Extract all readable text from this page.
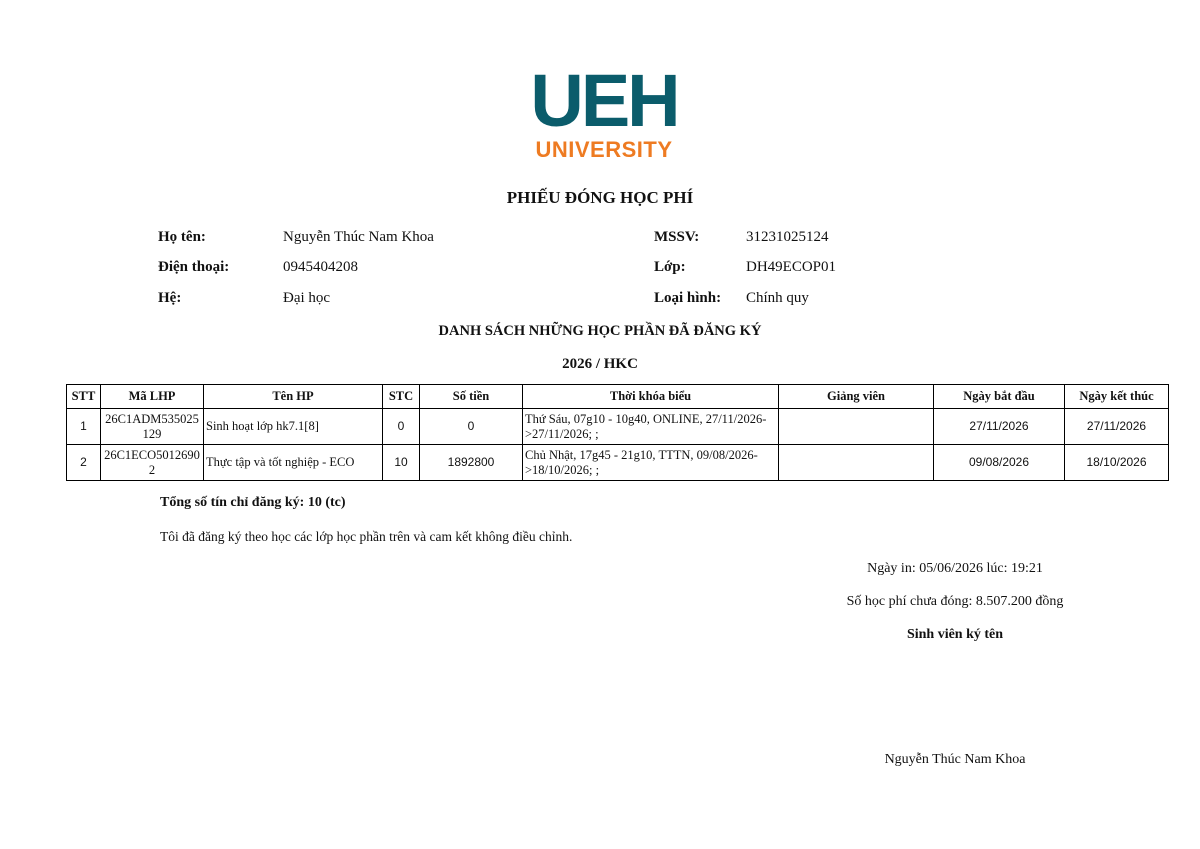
UEH
UNIVERSITY
PHIẾU ĐÓNG HỌC PHÍ
Họ tên:	Nguyễn Thúc Nam Khoa	MSSV:	31231025124
Điện thoại:	0945404208	Lớp:	DH49ECOP01
Hệ:	Đại học	Loại hình: Chính quy
DANH SÁCH NHỮNG HỌC PHẦN ĐÃ ĐĂNG KÝ
2026 / HKC
STT	Mã LHP	Tên HP	STC	Số tiền	Thời khóa biểu	Giảng viên	Ngày bắt đầu	Ngày kết thúc
1	26C1ADM535025129	Sinh hoạt lớp hk7.1[8]	0	0	Thứ Sáu, 07g10 - 10g40, ONLINE, 27/11/2026->27/11/2026; ;		27/11/2026	27/11/2026
2	26C1ECO50126902	Thực tập và tốt nghiệp - ECO	10	1892800	Chủ Nhật, 17g45 - 21g10, TTTN, 09/08/2026->18/10/2026; ;		09/08/2026	18/10/2026
Tổng số tín chỉ đăng ký: 10 (tc)
Tôi đã đăng ký theo học các lớp học phần trên và cam kết không điều chỉnh.
Ngày in: 05/06/2026 lúc: 19:21
Số học phí chưa đóng: 8.507.200 đồng
Sinh viên ký tên
Nguyễn Thúc Nam Khoa
